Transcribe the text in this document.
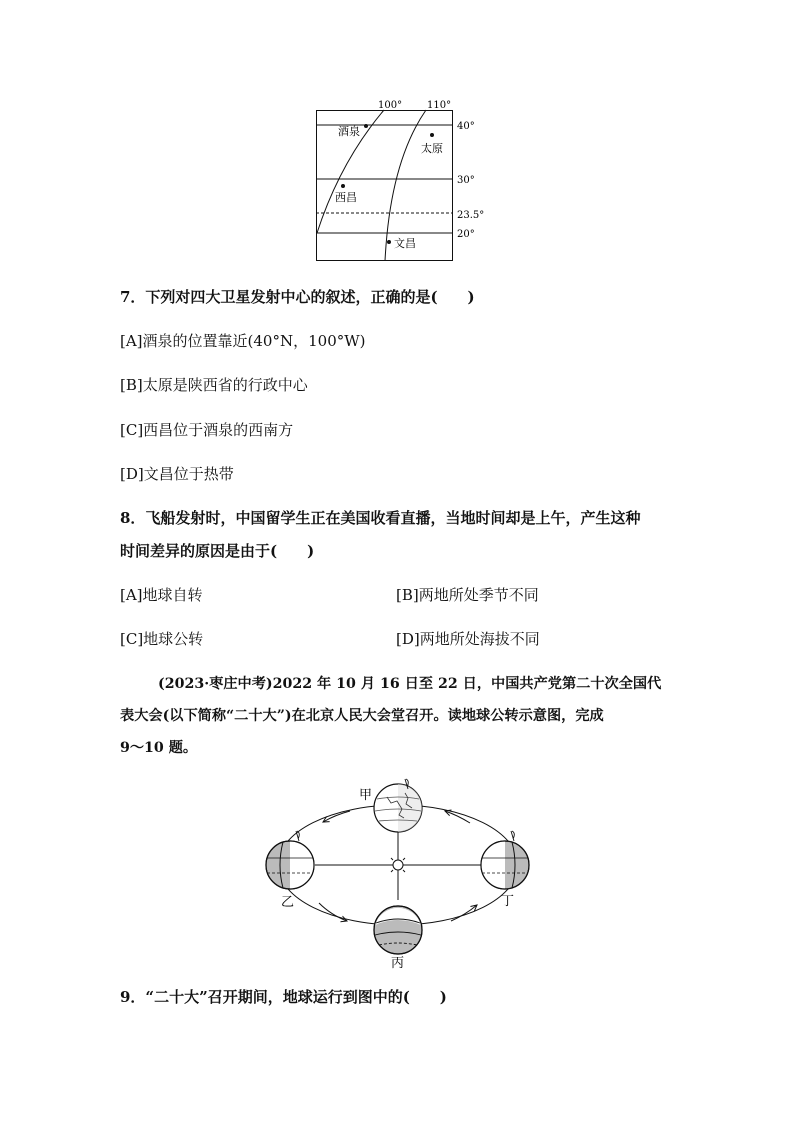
100° 110°
40°
30°
23.5°
20°
酒泉
太原
西昌
文昌
7．下列对四大卫星发射中心的叙述，正确的是(　　)
[A]酒泉的位置靠近(40°N，100°W)
[B]太原是陕西省的行政中心
[C]西昌位于酒泉的西南方
[D]文昌位于热带
8．飞船发射时，中国留学生正在美国收看直播，当地时间却是上午，产生这种
时间差异的原因是由于(　　)
[A]地球自转	[B]两地所处季节不同
[C]地球公转	[D]两地所处海拔不同
(2023·枣庄中考)2022 年 10 月 16 日至 22 日，中国共产党第二十次全国代
表大会(以下简称“二十大”)在北京人民大会堂召开。读地球公转示意图，完成
9～10 题。
甲
乙
丙
丁
9．“二十大”召开期间，地球运行到图中的(　　)
